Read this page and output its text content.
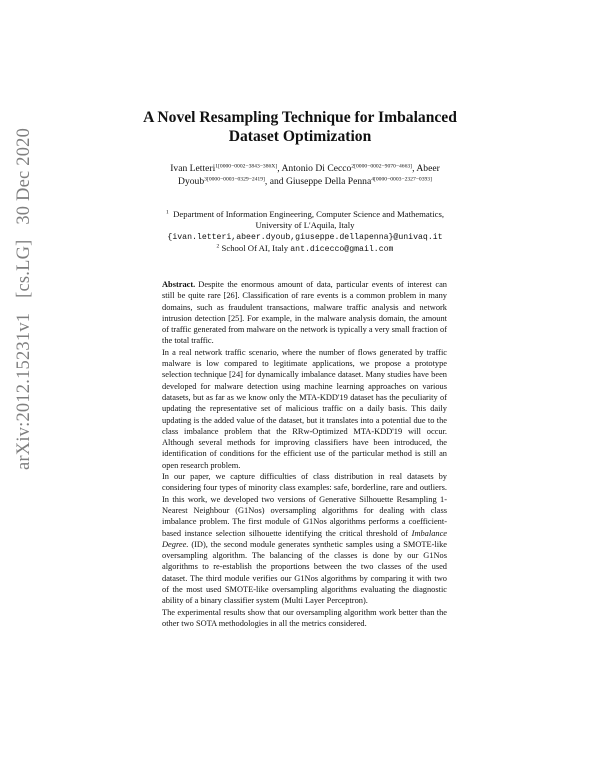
arXiv:2012.15231v1 [cs.LG] 30 Dec 2020
A Novel Resampling Technique for Imbalanced
Dataset Optimization
Ivan Letteri$^{1[0000-0002-3843-386X]}$, Antonio Di Cecco$^{2[0000-0002-9070-4663]}$, Abeer Dyoub$^{3[0000-0003-0329-2419]}$, and Giuseppe Della Penna$^{4[0000-0003-2327-0393]}$
$^1$ Department of Information Engineering, Computer Science and Mathematics,
University of L'Aquila, Italy
{ivan.letteri,abeer.dyoub,giuseppe.dellapenna}@univaq.it
$^2$ School Of AI, Italy ant.dicecco@gmail.com

Abstract. Despite the enormous amount of data, particular events of interest can still be quite rare [26]. Classification of rare events is a common problem in many domains, such as fraudulent transactions, malware traffic analysis and network intrusion detection [25]. For example, in the malware analysis domain, the amount of traffic generated from malware on the network is typically a very small fraction of the total traffic.

In a real network traffic scenario, where the number of flows generated by traffic malware is low compared to legitimate applications, we propose a prototype selection technique [24] for dynamically imbalance dataset. Many studies have been developed for malware detection using machine learning approaches on various datasets, but as far as we know only the MTA-KDD'19 dataset has the peculiarity of updating the representative set of malicious traffic on a daily basis. This daily updating is the added value of the dataset, but it translates into a potential due to the class imbalance problem that the RRw-Optimized MTA-KDD'19 will occur. Although several methods for improving classifiers have been introduced, the identification of conditions for the efficient use of the particular method is still an open research problem.

In our paper, we capture difficulties of class distribution in real datasets by considering four types of minority class examples: safe, borderline, rare and outliers. In this work, we developed two versions of Generative Silhouette Resampling 1-Nearest Neighbour (G1Nos) oversampling algorithms for dealing with class imbalance problem. The first module of G1Nos algorithms performs a coefficient-based instance selection silhouette identifying the critical threshold of Imbalance Degree. (ID), the second module generates synthetic samples using a SMOTE-like oversampling algorithm. The balancing of the classes is done by our G1Nos algorithms to re-establish the proportions between the two classes of the used dataset. The third module verifies our G1Nos algorithms by comparing it with two of the most used SMOTE-like oversampling algorithms evaluating the diagnostic ability of a binary classifier system (Multi Layer Perceptron).

The experimental results show that our oversampling algorithm work better than the other two SOTA methodologies in all the metrics considered.
